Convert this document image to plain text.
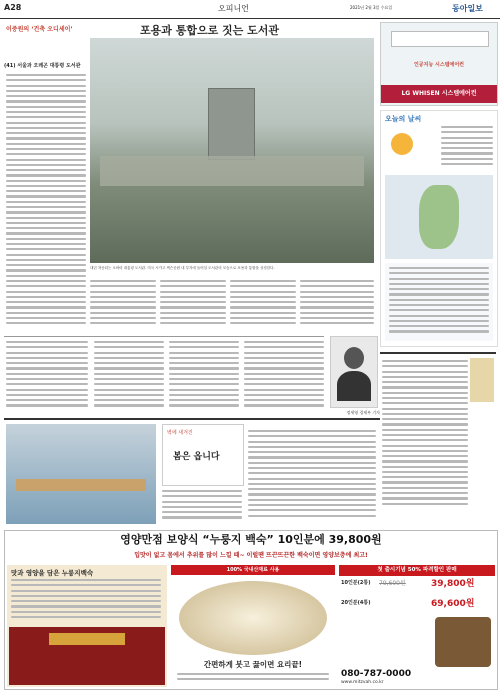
A28	오피니언	2021년 2월 3일 수요일	동아일보
이중원의 ‘건축 오디세이’	포용과 통합으로 짓는 도서관
(41) 서울과 오레곤 대통령 도서관
내년 착공되는 오바마 대통령 도서관. 미국 시카고 잭슨공원 내 부지에 들어설 도서관의 모습으로 포용과 통합을 상징한다.
인공지능 시스템에어컨
LG WHISEN 시스템에어컨
오늘의 날씨
정세영 경제부 기자
벽에 새겨진
봄은 옵니다
영양만점 보양식 “누룽지 백숙” 10인분에 39,800원
입맛이 없고 몸에서 추위를 많이 느낄 때~ 이럴땐 뜨끈뜨끈한 백숙이면 영양보충에 최고!
맛과 영양을 담은 누룽지백숙	100% 국내산재료 사용
간편하게 붓고 끓이면 요리끝!
첫 출시기념 50% 파격할인 판매
10인분(2통) 79,600원	39,800원
20인분(4통)	69,600원
080-787-0000
www.mitzvah.co.kr
